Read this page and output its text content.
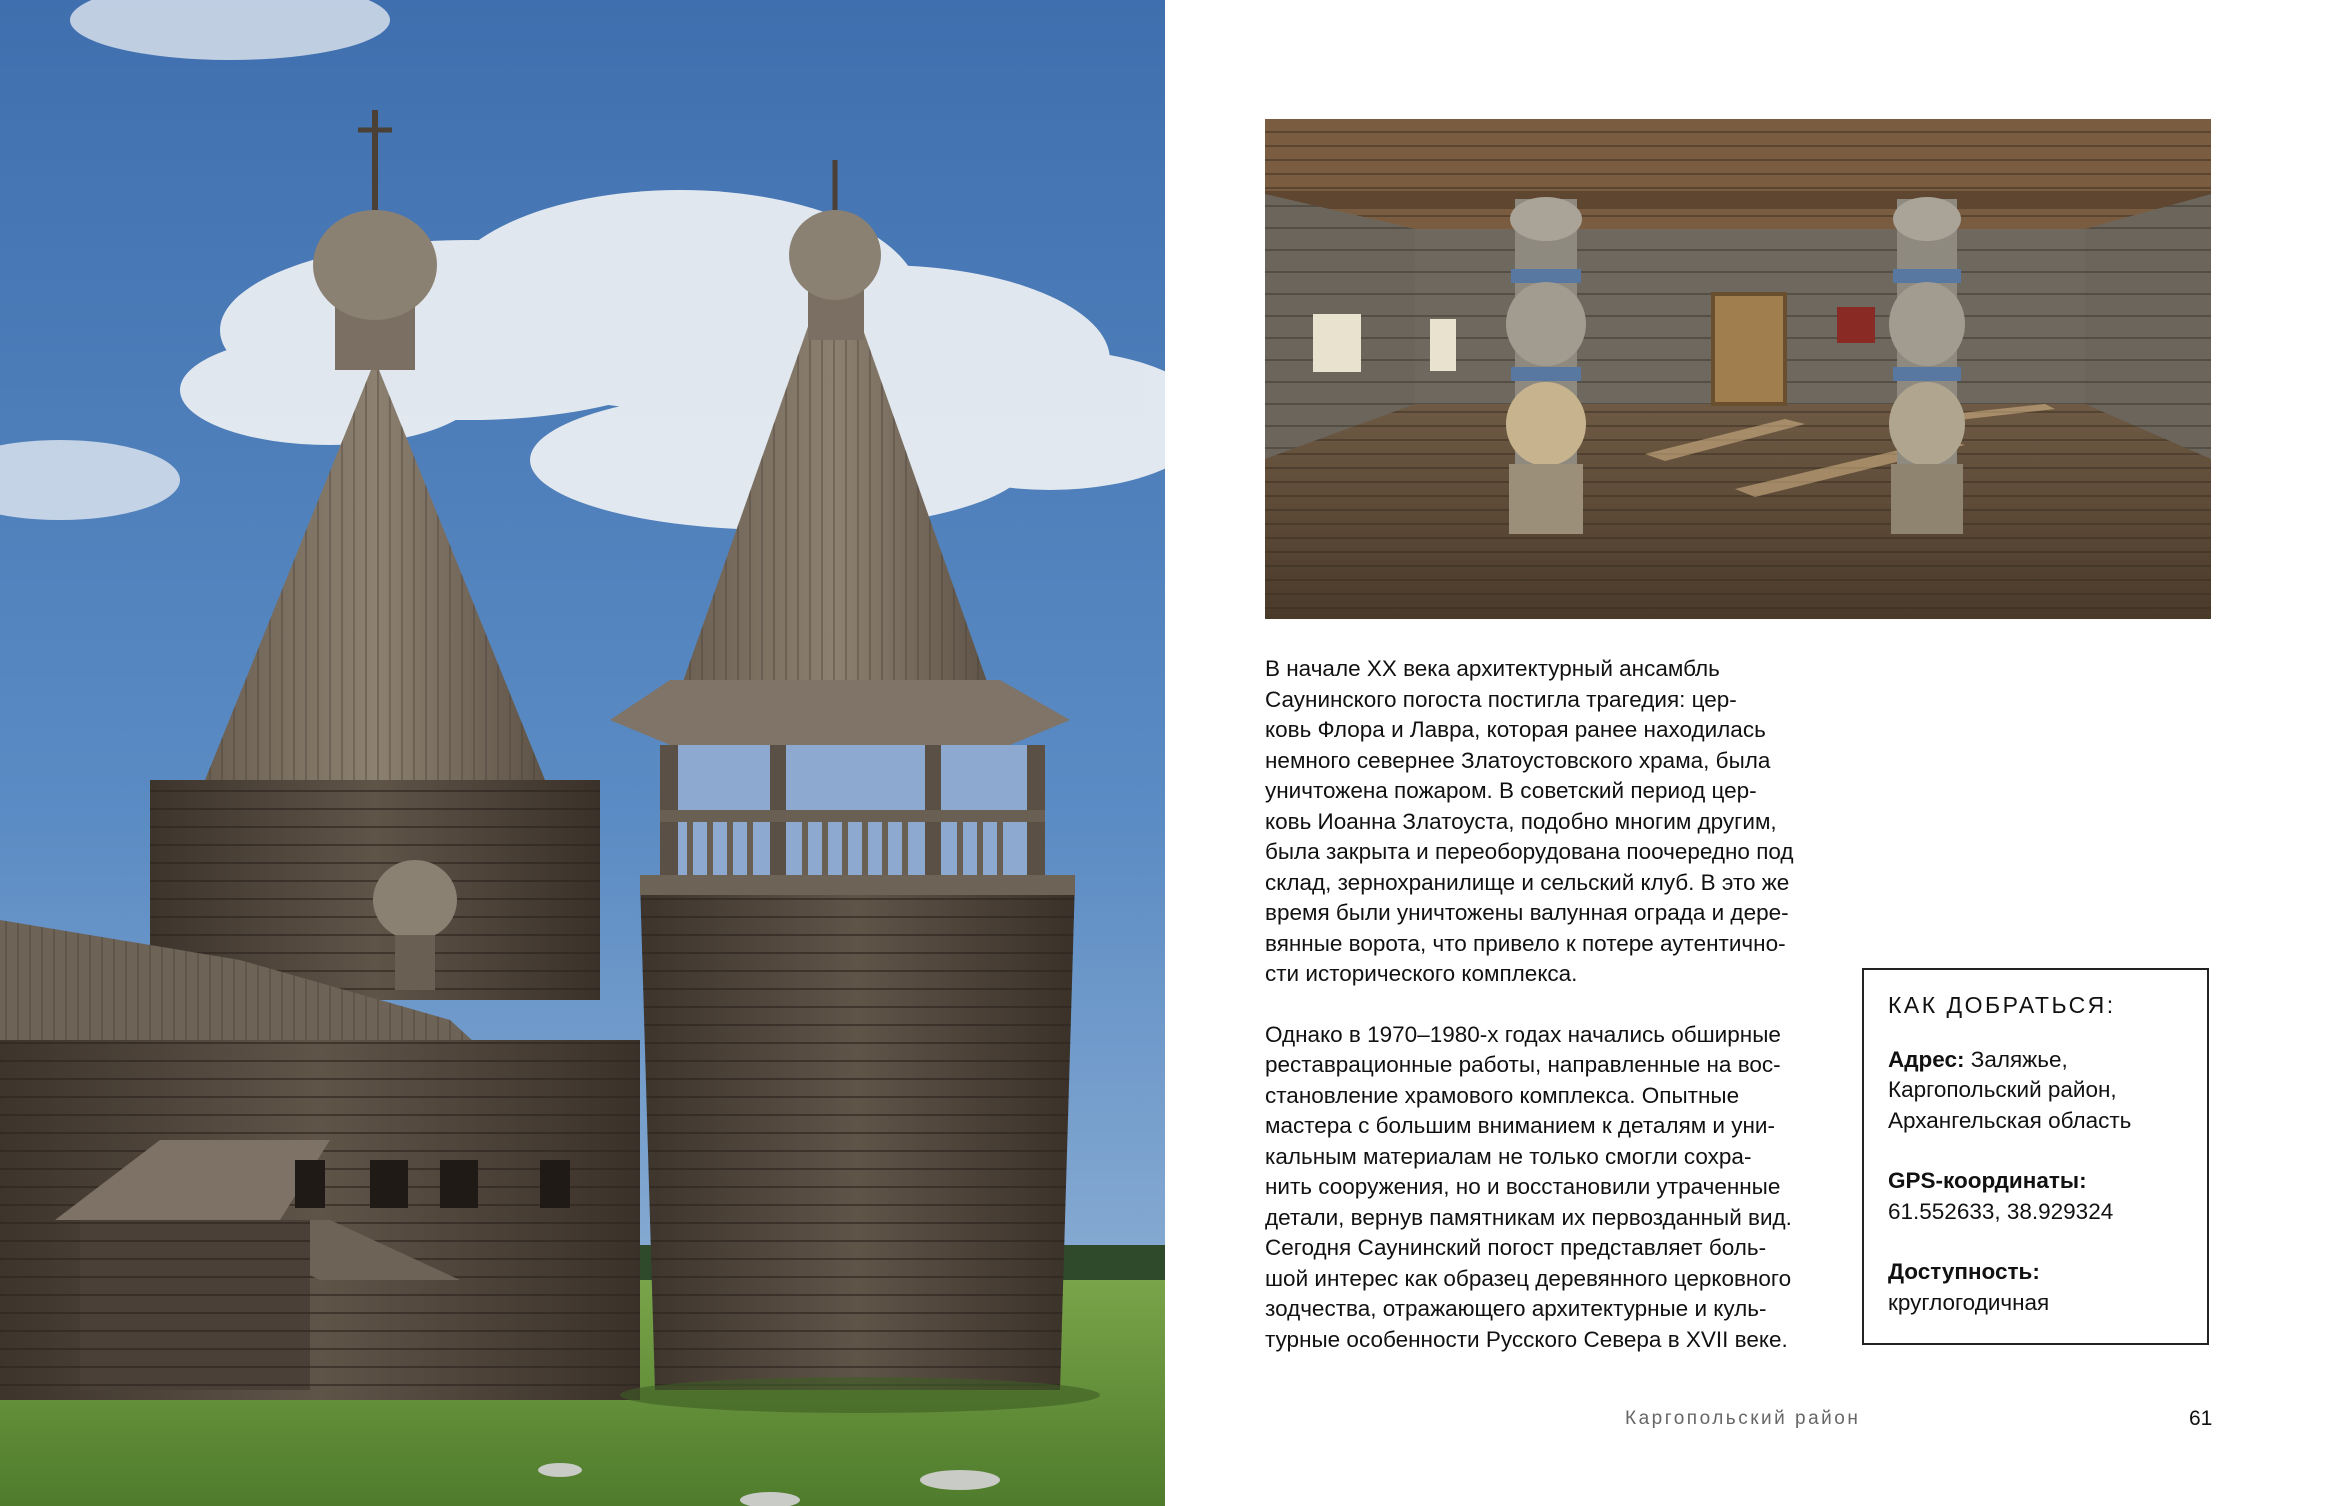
В начале XX века архитектурный ансамбль
Саунинского погоста постигла трагедия: цер-
ковь Флора и Лавра, которая ранее находилась
немного севернее Златоустовского храма, была
уничтожена пожаром. В советский период цер-
ковь Иоанна Златоуста, подобно многим другим,
была закрыта и переоборудована поочередно под
склад, зернохранилище и сельский клуб. В это же
время были уничтожены валунная ограда и дере-
вянные ворота, что привело к потере аутентично-
сти исторического комплекса.

Однако в 1970–1980-х годах начались обширные
реставрационные работы, направленные на вос-
становление храмового комплекса. Опытные
мастера с большим вниманием к деталям и уни-
кальным материалам не только смогли сохра-
нить сооружения, но и восстановили утраченные
детали, вернув памятникам их первозданный вид.
Сегодня Саунинский погост представляет боль-
шой интерес как образец деревянного церковного
зодчества, отражающего архитектурные и куль-
турные особенности Русского Севера в XVII веке.

КАК ДОБРАТЬСЯ:
Адрес: Заляжье,
Каргопольский район,
Архангельская область
GPS-координаты:
61.552633, 38.929324
Доступность:
круглогодичная
Каргопольский район	61
